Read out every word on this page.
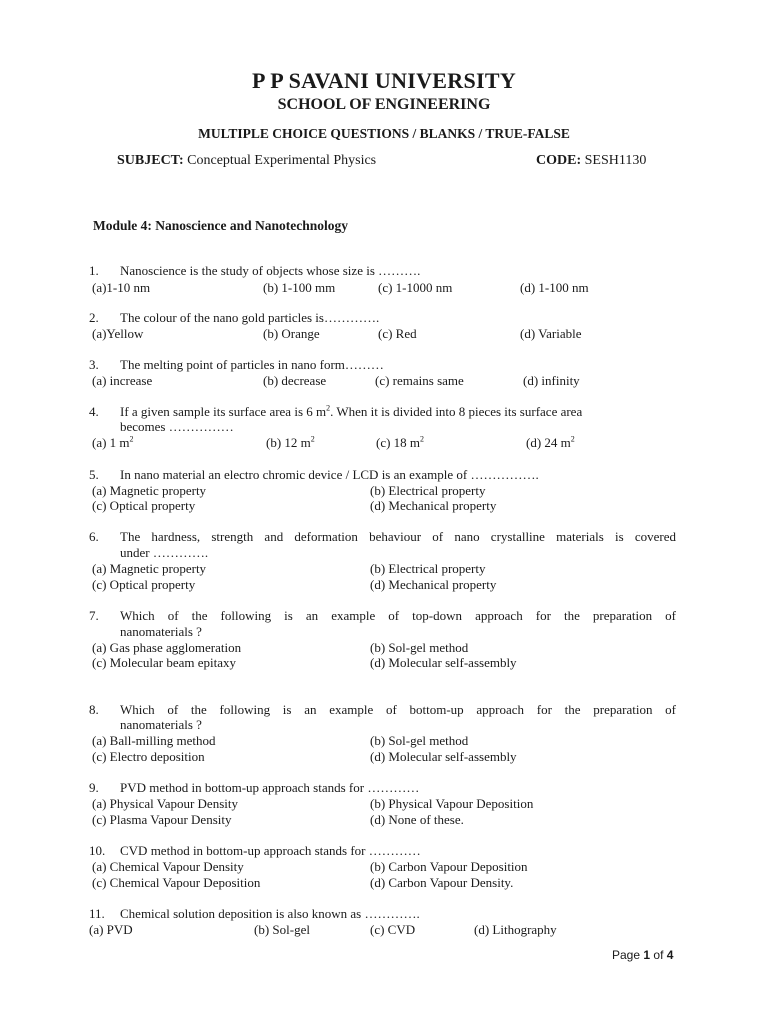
P P SAVANI UNIVERSITY
SCHOOL OF ENGINEERING
MULTIPLE CHOICE QUESTIONS / BLANKS / TRUE-FALSE
SUBJECT: Conceptual Experimental Physics	CODE: SESH1130
Module 4: Nanoscience and Nanotechnology
1. Nanoscience is the study of objects whose size is ……….
(a)1-10 nm	(b) 1-100 mm	(c) 1-1000 nm	(d) 1-100 nm
2. The colour of the nano gold particles is………….
(a)Yellow	(b) Orange	(c) Red	(d) Variable
3. The melting point of particles in nano form………
(a) increase	(b) decrease	(c) remains same	(d) infinity
4. If a given sample its surface area is 6 $m^2$. When it is divided into 8 pieces its surface area
becomes ……………
(a) 1 $m^2$	(b) 12 $m^2$	(c) 18 $m^2$	(d) 24 $m^2$
5. In nano material an electro chromic device / LCD is an example of …………….
(a) Magnetic property	(b) Electrical property
(c) Optical property	(d) Mechanical property
6. The hardness, strength and deformation behaviour of nano crystalline materials is covered
under ………….
(a) Magnetic property	(b) Electrical property
(c) Optical property	(d) Mechanical property
7. Which of the following is an example of top-down approach for the preparation of
nanomaterials ?
(a) Gas phase agglomeration	(b) Sol-gel method
(c) Molecular beam epitaxy	(d) Molecular self-assembly
8. Which of the following is an example of bottom-up approach for the preparation of
nanomaterials ?
(a) Ball-milling method	(b) Sol-gel method
(c) Electro deposition	(d) Molecular self-assembly
9. PVD method in bottom-up approach stands for …………
(a) Physical Vapour Density	(b) Physical Vapour Deposition
(c) Plasma Vapour Density	(d) None of these.
10. CVD method in bottom-up approach stands for …………
(a) Chemical Vapour Density	(b) Carbon Vapour Deposition
(c) Chemical Vapour Deposition	(d) Carbon Vapour Density.
11. Chemical solution deposition is also known as ………….
(a) PVD	(b) Sol-gel	(c) CVD	(d) Lithography
Page 1 of 4
